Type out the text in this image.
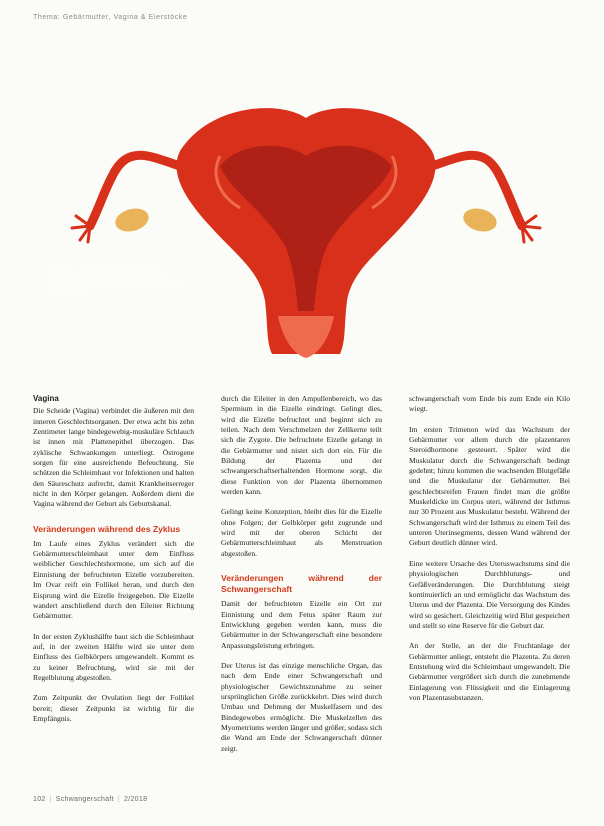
Thema: Gebärmutter, Vagina & Eierstöcke
Illustration – die Gebärmutter mit Eileitern, Eierstöcken und Gebärmutterhals; darunter die Vagina, die Scheide verbindet die Gebärmutter mit der Außenwelt.
Vagina

Die Scheide (Vagina) verbindet die äußeren mit den inneren Geschlechtsorganen. Der etwa acht bis zehn Zentimeter lange bindegewebig-muskuläre Schlauch ist innen mit Plattenepithel überzogen. Das zyklische Schwankungen unterliegt. Östrogene sorgen für eine ausreichende Befeuchtung. Sie schützen die Schleimhaut vor Infektionen und halten den Säureschutz aufrecht, damit Krankheitserreger nicht in den Körper gelangen. Außerdem dient die Vagina während der Geburt als Geburtskanal.

Veränderungen während des Zyklus

Im Laufe eines Zyklus verändert sich die Gebärmutterschleimhaut unter dem Einfluss weiblicher Geschlechtshormone, um sich auf die Einnistung der befruchteten Eizelle vorzubereiten. Im Ovar reift ein Follikel heran, und durch den Eisprung wird die Eizelle freigegeben. Die Eizelle wandert anschließend durch den Eileiter Richtung Gebärmutter.

In der ersten Zyklushälfte baut sich die Schleimhaut auf, in der zweiten Hälfte wird sie unter dem Einfluss des Gelbkörpers umgewandelt. Kommt es zu keiner Befruchtung, wird sie mit der Regelblutung abgestoßen.

Zum Zeitpunkt der Ovulation liegt der Follikel bereit; dieser Zeitpunkt ist wichtig für die Empfängnis.

durch die Eileiter in den Ampullenbereich, wo das Spermium in die Eizelle eindringt. Gelingt dies, wird die Eizelle befruchtet und beginnt sich zu teilen. Nach dem Verschmelzen der Zellkerne teilt sich die Zygote. Die befruchtete Eizelle gelangt in die Gebärmutter und nistet sich dort ein. Für die Bildung der Plazenta und der schwangerschaftserhaltenden Hormone sorgt, die diese Funktion von der Plazenta übernommen werden kann.

Gelingt keine Konzeption, bleibt dies für die Eizelle ohne Folgen; der Gelbkörper geht zugrunde und wird mit der oberen Schicht der Gebärmutterschleimhaut als Menstruation abgestoßen.

Veränderungen während der Schwangerschaft

Damit der befruchteten Eizelle ein Ort zur Einnistung und dem Fetus später Raum zur Entwicklung gegeben werden kann, muss die Gebärmutter in der Schwangerschaft eine besondere Anpassungsleistung erbringen.

Der Uterus ist das einzige menschliche Organ, das nach dem Ende einer Schwangerschaft und physiologischer Gewichtszunahme zu seiner ursprünglichen Größe zurückkehrt. Dies wird durch Umbau und Dehnung der Muskelfasern und des Bindegewebes ermöglicht. Die Muskelzellen des Myometriums werden länger und größer, sodass sich die Wand am Ende der Schwangerschaft dünner zeigt.

schwangerschaft vom Ende bis zum Ende ein Kilo wiegt.

Im ersten Trimenon wird das Wachstum der Gebärmutter vor allem durch die plazentaren Steroidhormone gesteuert. Später wird die Muskulatur durch die Schwangerschaft bedingt gedehnt; hinzu kommen die wachsenden Blutgefäße und die Muskulatur der Gebärmutter. Bei geschlechtsreifen Frauen findet man die größte Muskeldicke im Corpus uteri, während der Isthmus nur 30 Prozent aus Muskulatur besteht. Während der Schwangerschaft wird der Isthmus zu einem Teil des unteren Uterinsegments, dessen Wand während der Geburt deutlich dünner wird.

Eine weitere Ursache des Uteruswachstums sind die physiologischen Durchblutungs- und Gefäßveränderungen. Die Durchblutung steigt kontinuierlich an und ermöglicht das Wachstum des Uterus und der Plazenta. Die Versorgung des Kindes wird so gesichert. Gleichzeitig wird Blut gespeichert und stellt so eine Reserve für die Geburt dar.

An der Stelle, an der die Fruchtanlage der Gebärmutter anliegt, entsteht die Plazenta. Zu deren Entstehung wird die Schleimhaut umgewandelt. Die Gebärmutter vergrößert sich durch die zunehmende Einlagerung von Flüssigkeit und die Einlagerung von Plazentasubstanzen.

102 | Schwangerschaft | 2/2018
